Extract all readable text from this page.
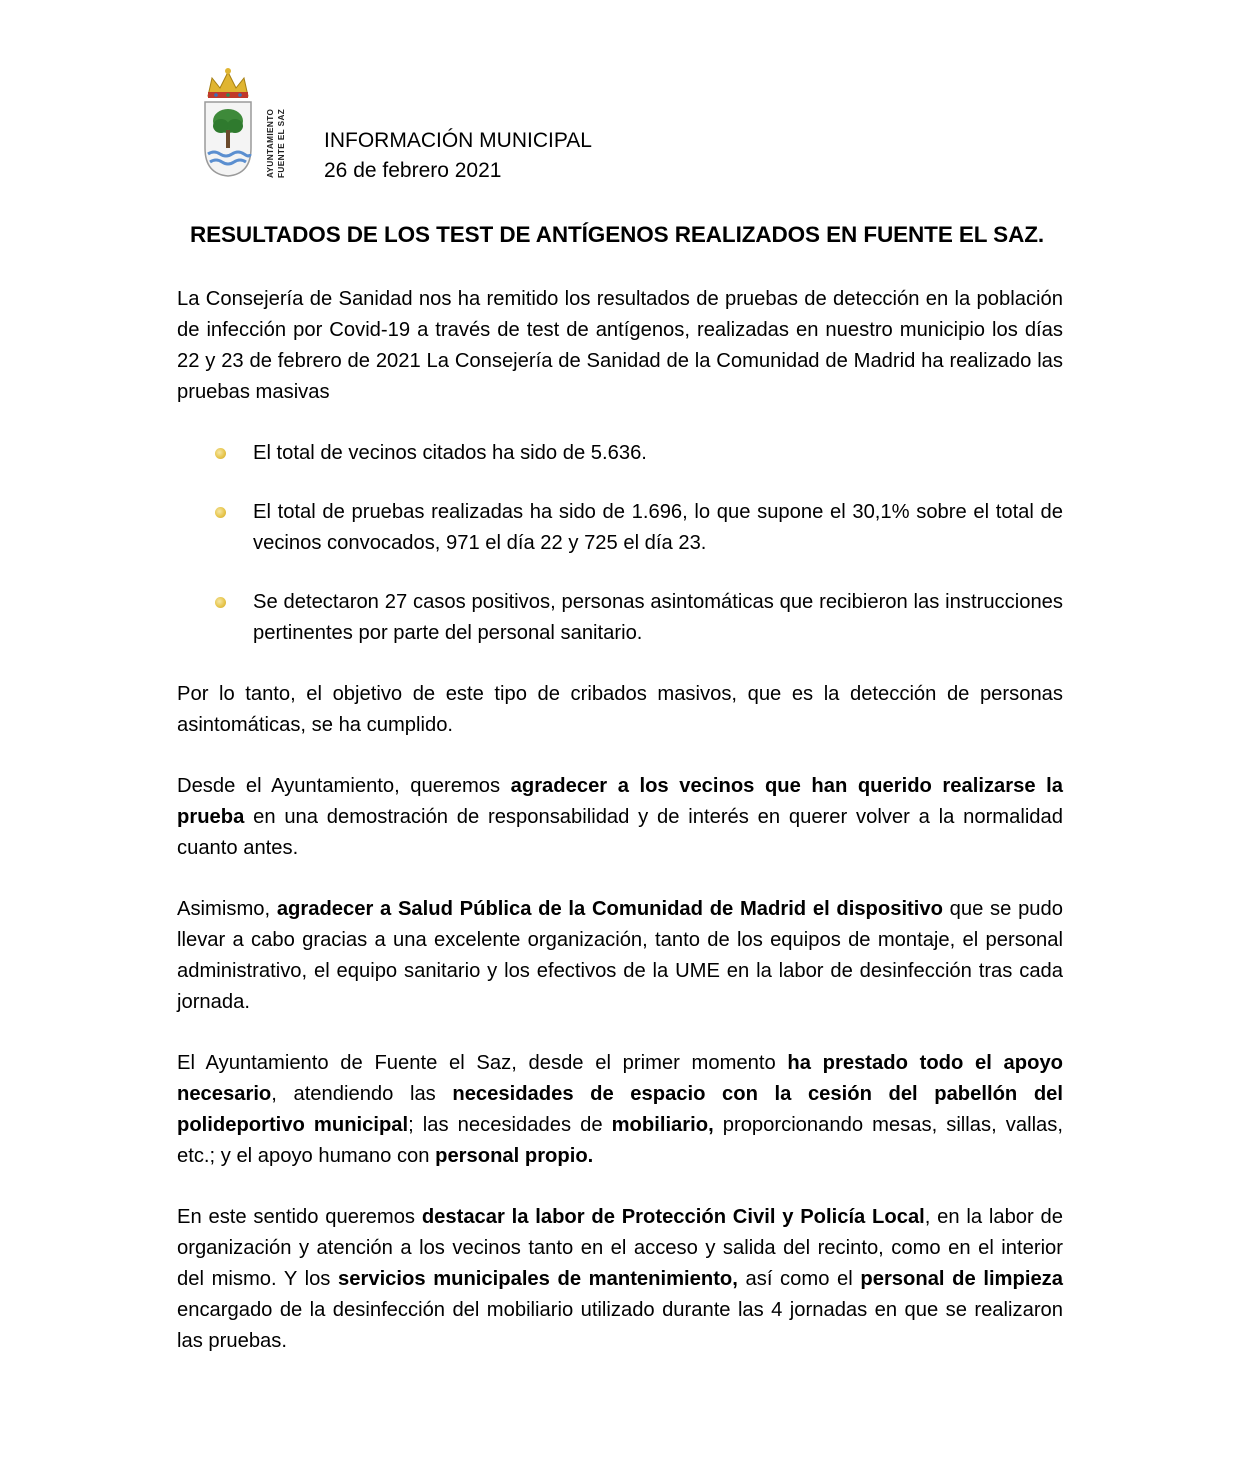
AYUNTAMIENTO FUENTE EL SAZ INFORMACIÓN MUNICIPAL
26 de febrero 2021
RESULTADOS DE LOS TEST DE ANTÍGENOS REALIZADOS EN FUENTE EL SAZ.

La Consejería de Sanidad nos ha remitido los resultados de pruebas de detección en la población de infección por Covid-19 a través de test de antígenos, realizadas en nuestro municipio los días 22 y 23 de febrero de 2021 La Consejería de Sanidad de la Comunidad de Madrid ha realizado las pruebas masivas

El total de vecinos citados ha sido de 5.636.
El total de pruebas realizadas ha sido de 1.696, lo que supone el 30,1% sobre el total de vecinos convocados, 971 el día 22 y 725 el día 23.
Se detectaron 27 casos positivos, personas asintomáticas que recibieron las instrucciones pertinentes por parte del personal sanitario.

Por lo tanto, el objetivo de este tipo de cribados masivos, que es la detección de personas asintomáticas, se ha cumplido.

Desde el Ayuntamiento, queremos agradecer a los vecinos que han querido realizarse la prueba en una demostración de responsabilidad y de interés en querer volver a la normalidad cuanto antes.

Asimismo, agradecer a Salud Pública de la Comunidad de Madrid el dispositivo que se pudo llevar a cabo gracias a una excelente organización, tanto de los equipos de montaje, el personal administrativo, el equipo sanitario y los efectivos de la UME en la labor de desinfección tras cada jornada.

El Ayuntamiento de Fuente el Saz, desde el primer momento ha prestado todo el apoyo necesario, atendiendo las necesidades de espacio con la cesión del pabellón del polideportivo municipal; las necesidades de mobiliario, proporcionando mesas, sillas, vallas, etc.; y el apoyo humano con personal propio.

En este sentido queremos destacar la labor de Protección Civil y Policía Local, en la labor de organización y atención a los vecinos tanto en el acceso y salida del recinto, como en el interior del mismo. Y los servicios municipales de mantenimiento, así como el personal de limpieza encargado de la desinfección del mobiliario utilizado durante las 4 jornadas en que se realizaron las pruebas.
